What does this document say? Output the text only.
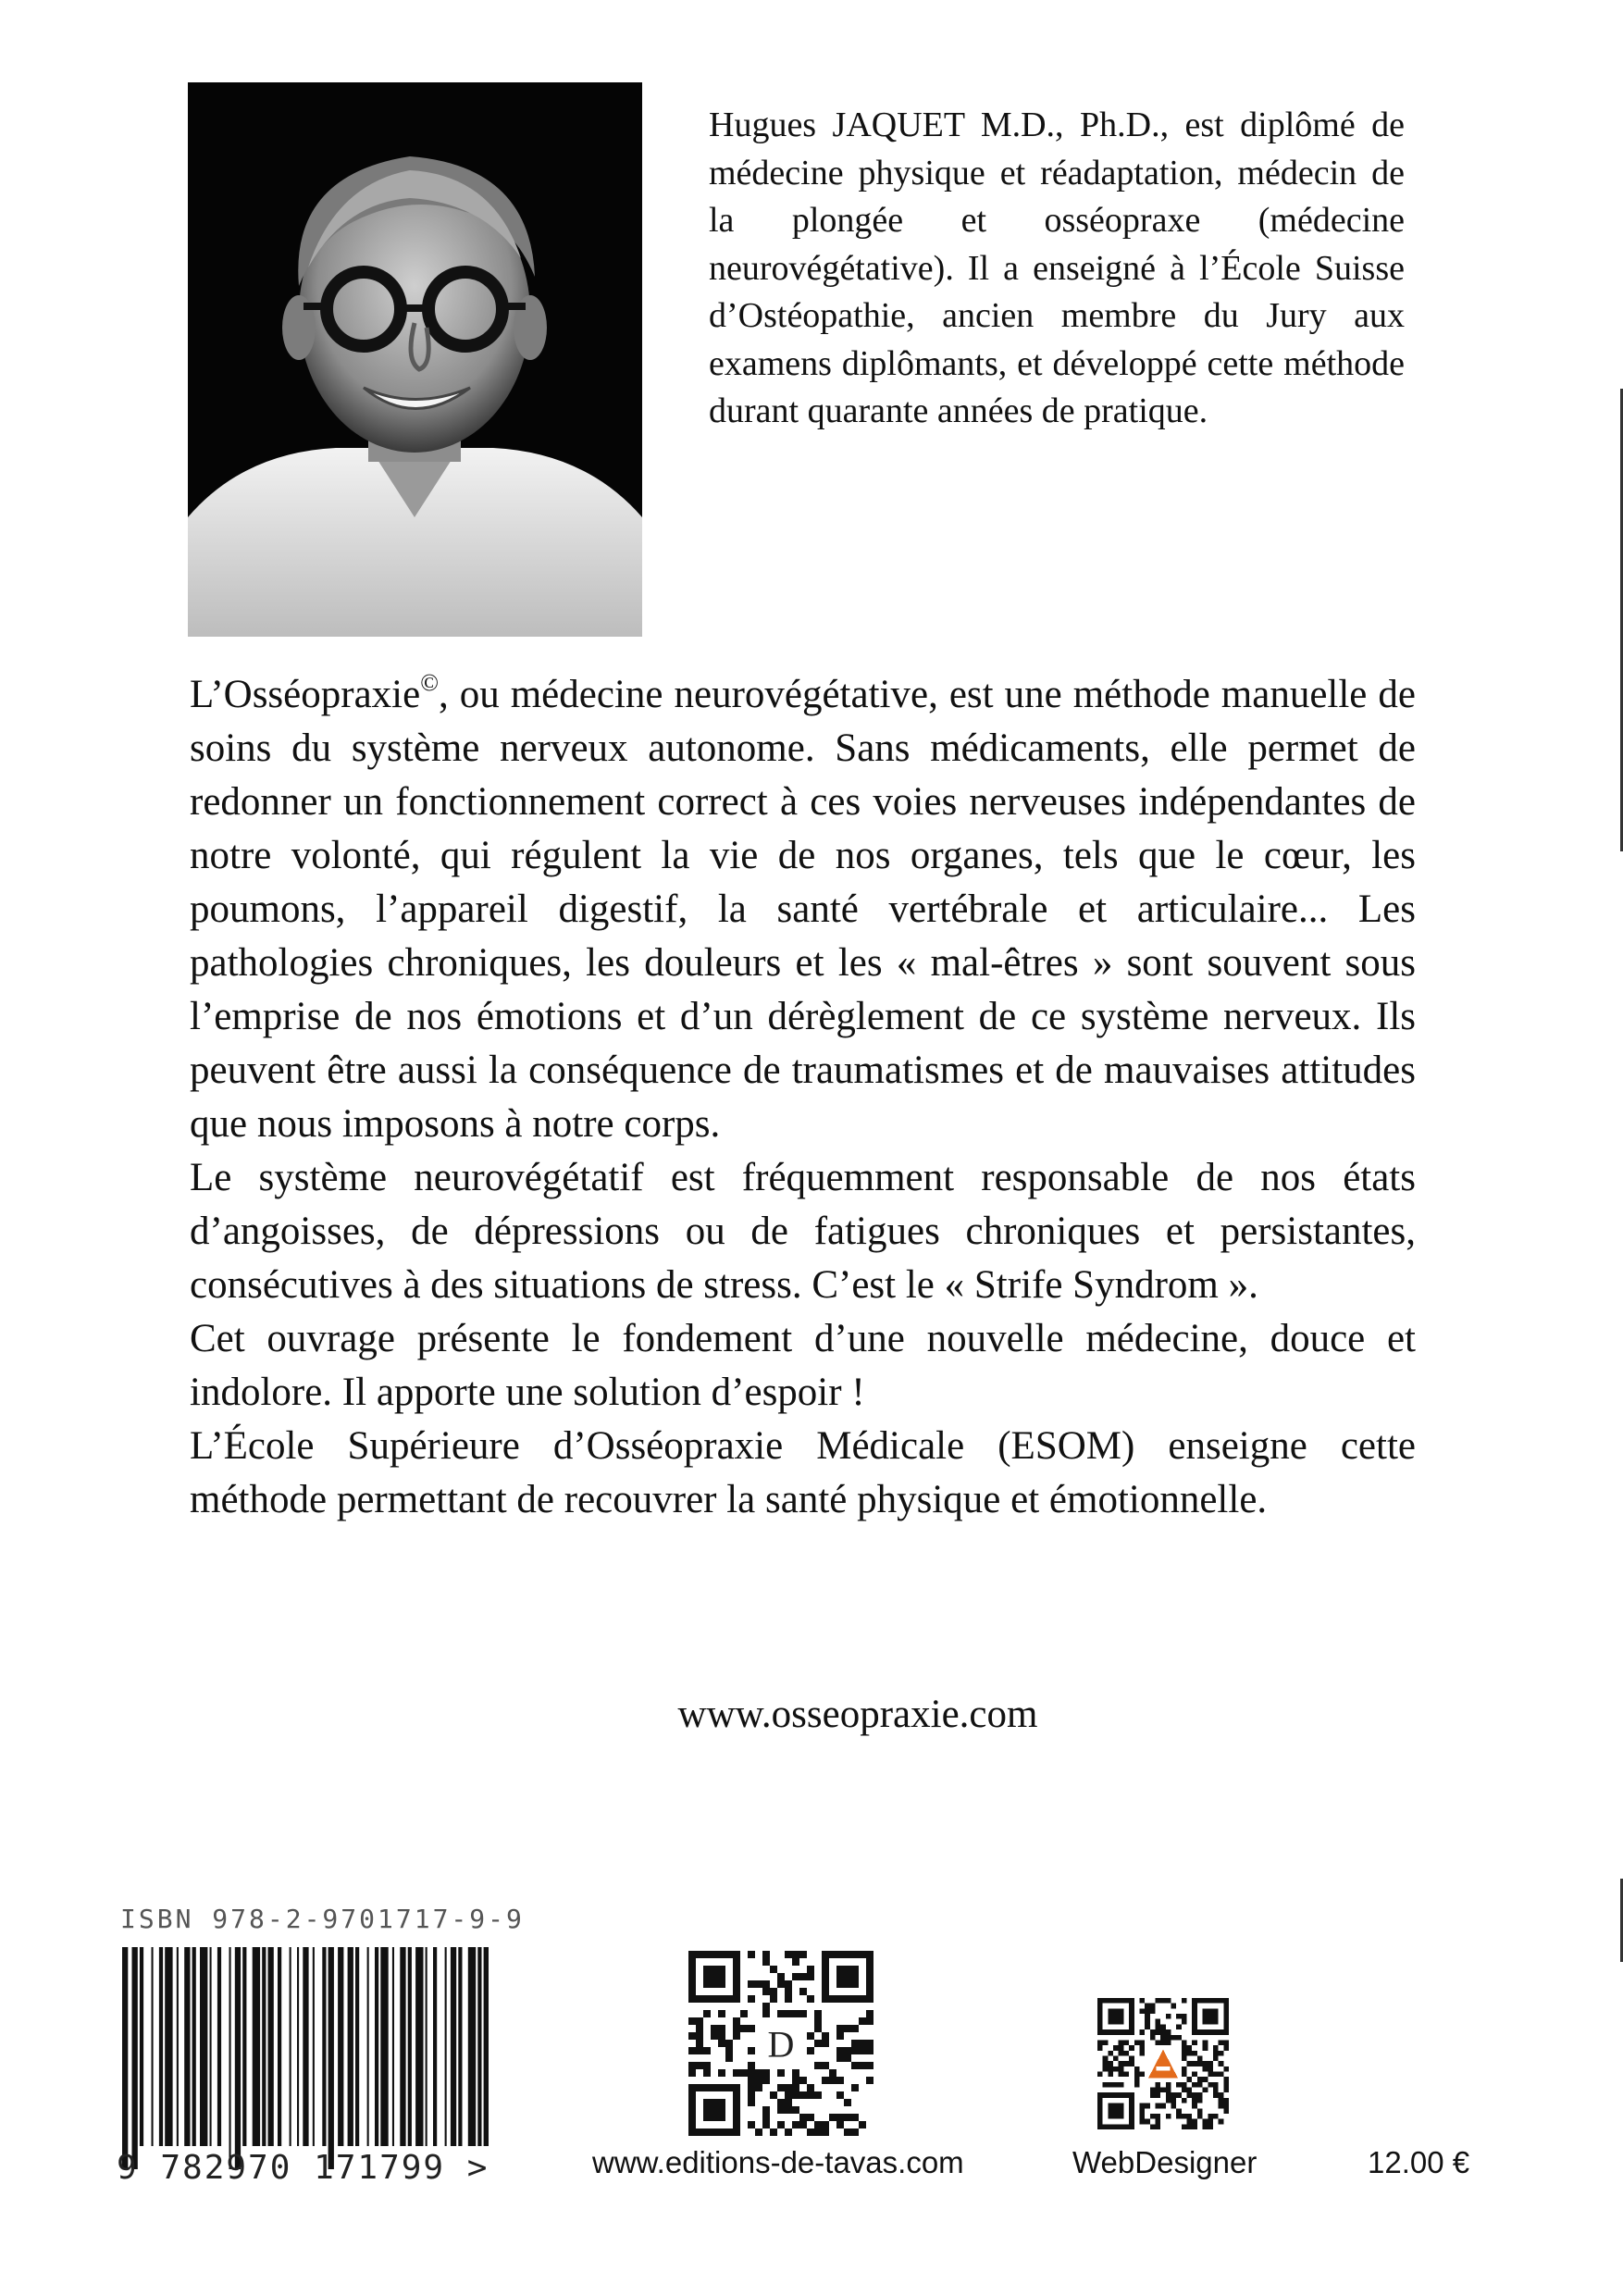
Hugues JAQUET M.D., Ph.D., est diplômé de médecine physique et réadaptation, médecin de la plongée et osséopraxe (médecine neurovégétative). Il a enseigné à l’École Suisse d’Ostéopathie, ancien membre du Jury aux examens diplômants, et développé cette méthode durant quarante années de pratique.

L’Osséopraxie©, ou médecine neurovégétative, est une méthode manuelle de soins du système nerveux autonome. Sans médicaments, elle permet de redonner un fonctionnement correct à ces voies nerveuses indépendantes de notre volonté, qui régulent la vie de nos organes, tels que le cœur, les poumons, l’appareil digestif, la santé vertébrale et articulaire... Les pathologies chroniques, les douleurs et les « mal-êtres » sont souvent sous l’emprise de nos émotions et d’un dérèglement de ce système nerveux. Ils peuvent être aussi la conséquence de traumatismes et de mauvaises attitudes que nous imposons à notre corps.

Le système neurovégétatif est fréquemment responsable de nos états d’angoisses, de dépressions ou de fatigues chroniques et persistantes, consécutives à des situations de stress. C’est le « Strife Syndrom ».

Cet ouvrage présente le fondement d’une nouvelle médecine, douce et indolore. Il apporte une solution d’espoir !

L’École Supérieure d’Osséopraxie Médicale (ESOM) enseigne cette méthode permettant de recouvrer la santé physique et émotionnelle.

www.osseopraxie.com
ISBN 978-2-9701717-9-9
9 782970 171799 >
D
www.editions-de-tavas.com	WebDesigner	12.00 €
